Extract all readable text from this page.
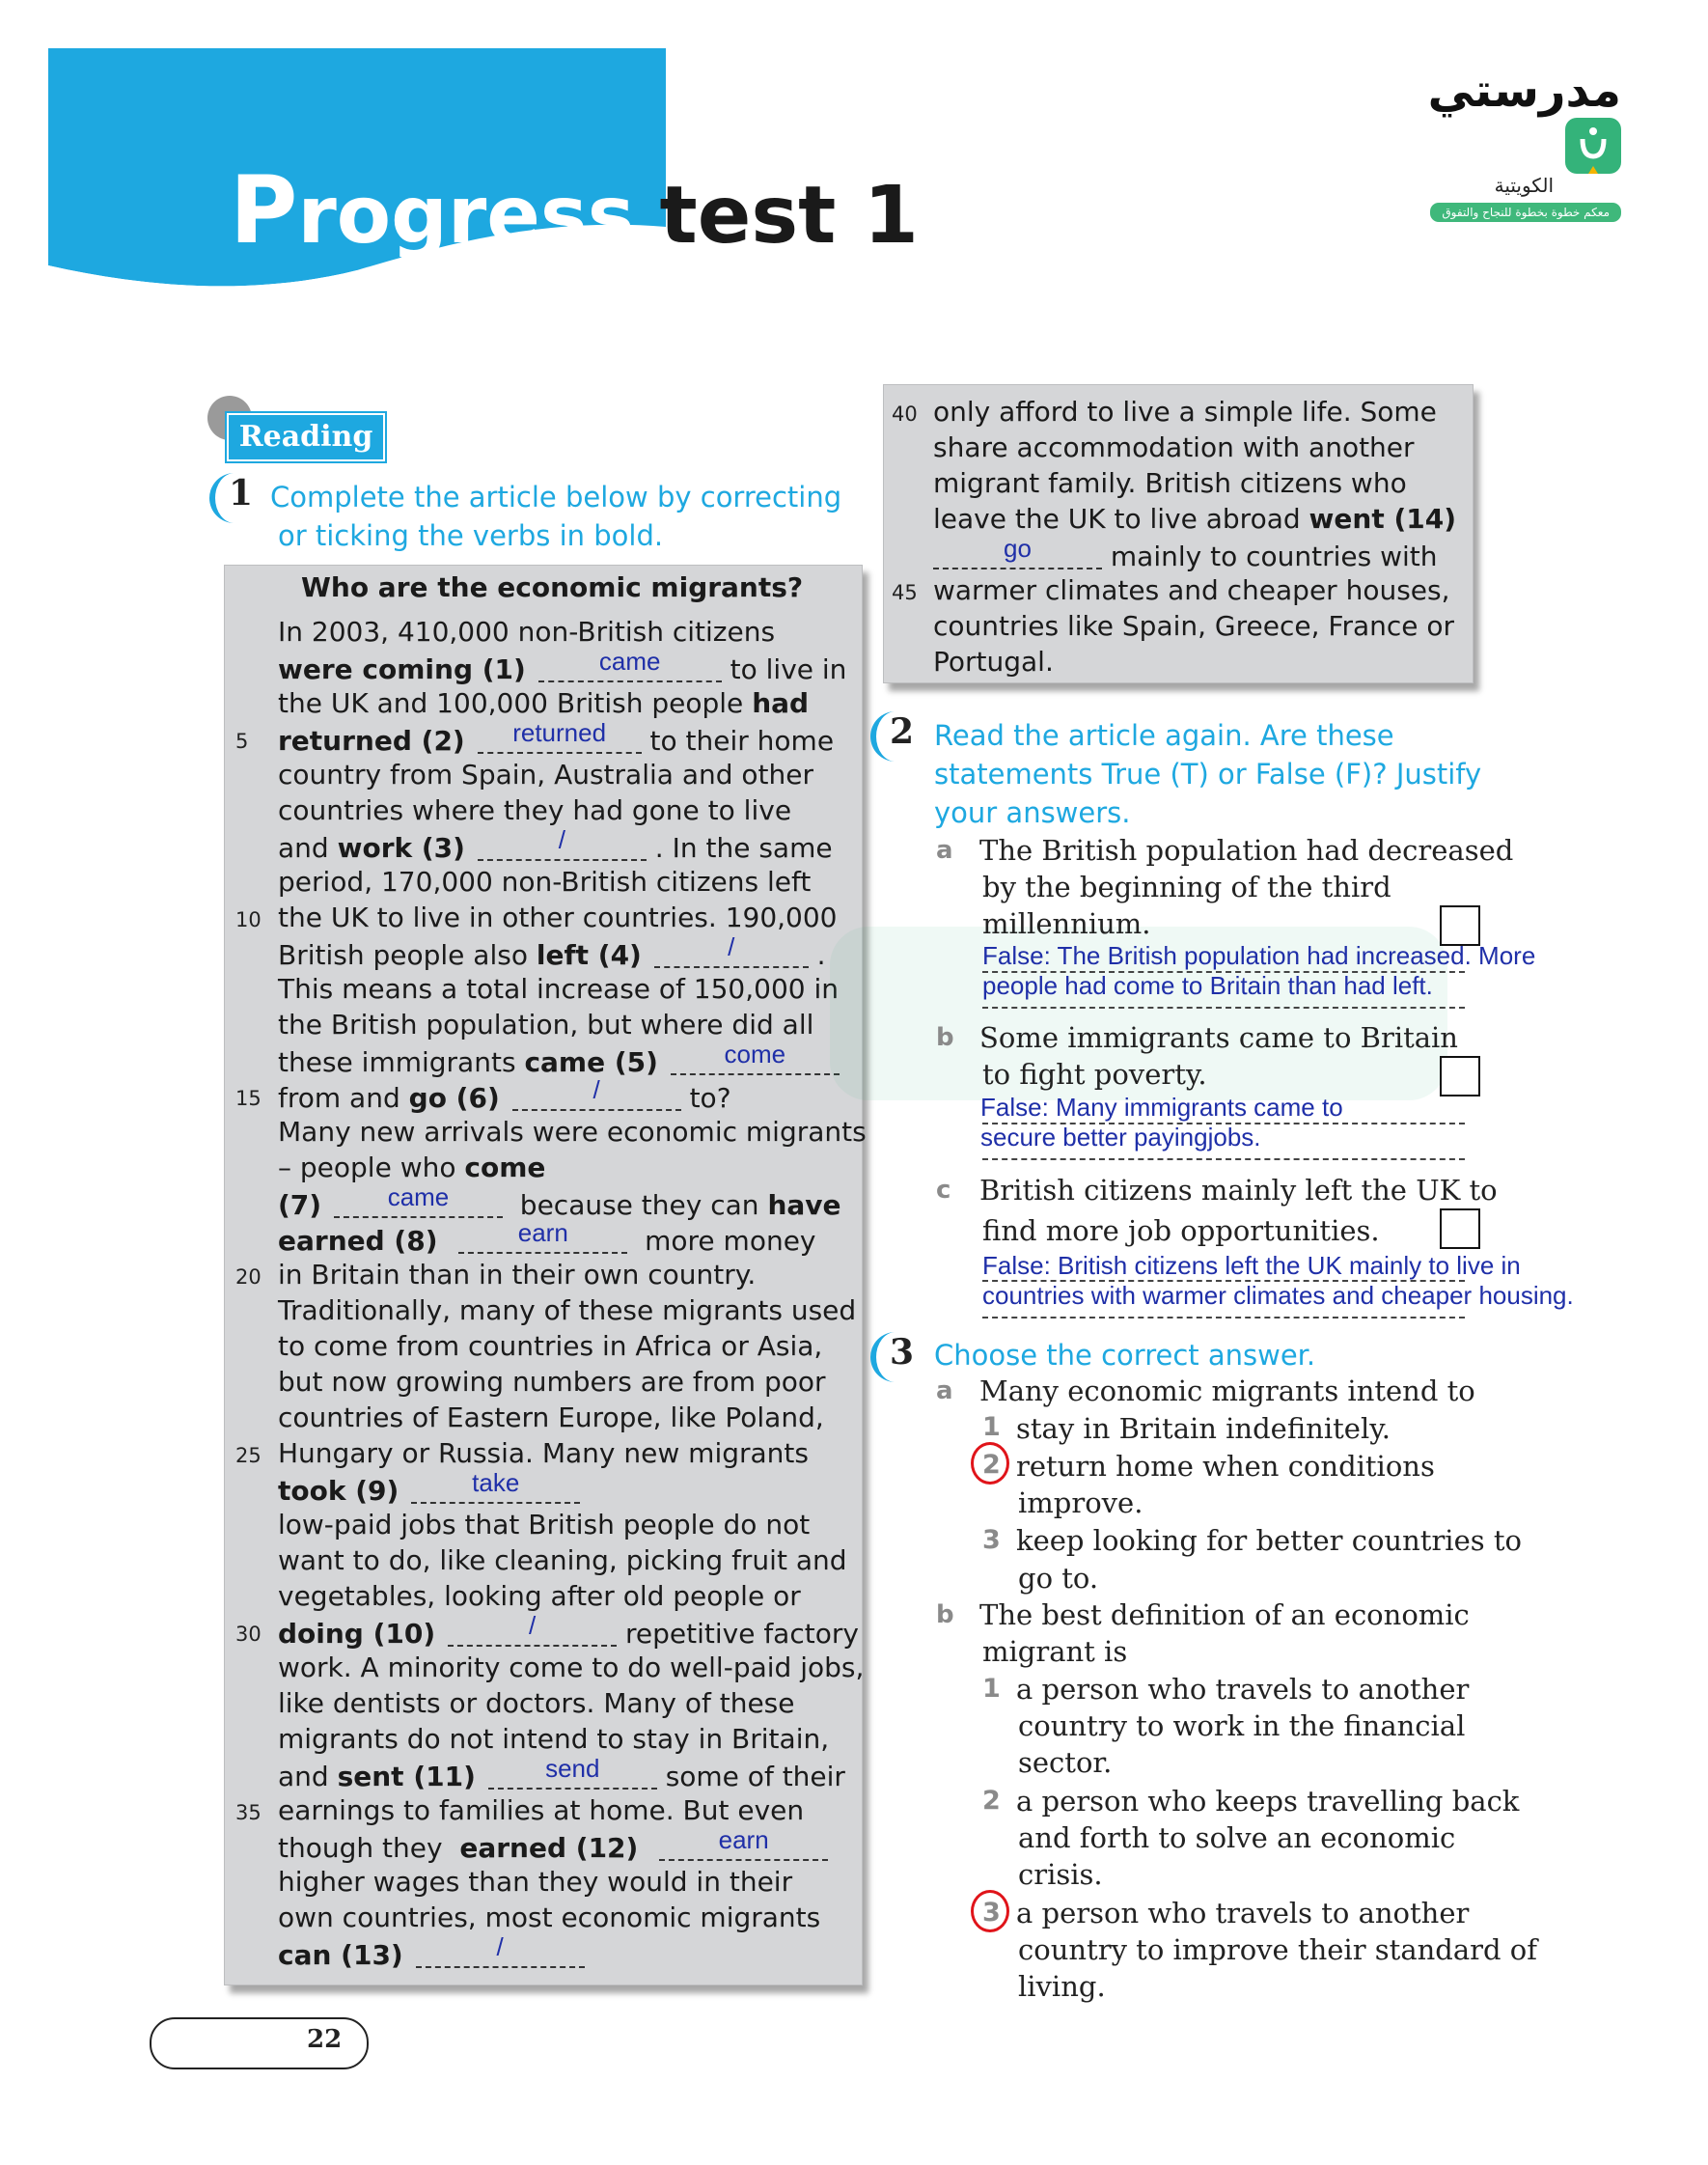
Progress test 1
مدرستي
الكويتية
معكم خطوة بخطوة للنجاح والتفوق
Reading
1 Complete the article below by correcting
or ticking the verbs in bold.
Who are the economic migrants?
In 2003, 410,000 non-British citizens
were coming (1)	came	to live in
the UK and 100,000 British people had
returned (2)	returned	to their home
country from Spain, Australia and other
countries where they had gone to live
and work (3)	/	. In the same
period, 170,000 non-British citizens left
the UK to live in other countries. 190,000
British people also left (4)	/	.
This means a total increase of 150,000 in
the British population, but where did all
these immigrants came (5)	come
from and go (6)	/	to?
Many new arrivals were economic migrants
– people who come
(7)	came	because they can have
earned (8)	earn	more money
in Britain than in their own country.
Traditionally, many of these migrants used
to come from countries in Africa or Asia,
but now growing numbers are from poor
countries of Eastern Europe, like Poland,
Hungary or Russia. Many new migrants
took (9)	take
low-paid jobs that British people do not
want to do, like cleaning, picking fruit and
vegetables, looking after old people or
doing (10)	/	repetitive factory
work. A minority come to do well-paid jobs,
like dentists or doctors. Many of these
migrants do not intend to stay in Britain,
and sent (11)	send	some of their
earnings to families at home. But even
though they earned (12)	earn
higher wages than they would in their
own countries, most economic migrants
can (13)	/
5
10
15
20
25
30
35
only afford to live a simple life. Some
share accommodation with another
migrant family. British citizens who
leave the UK to live abroad went (14)
go	mainly to countries with
warmer climates and cheaper houses,
countries like Spain, Greece, France or
Portugal.
40
45
2 Read the article again. Are these
statements True (T) or False (F)? Justify
your answers.
a The British population had decreased
by the beginning of the third
millennium.
False: The British population had increased. More
people had come to Britain than had left.
b Some immigrants came to Britain
to fight poverty.
False: Many immigrants came to
secure better payingjobs.
c British citizens mainly left the UK to
find more job opportunities.
False: British citizens left the UK mainly to live in
countries with warmer climates and cheaper housing.
3 Choose the correct answer.
a Many economic migrants intend to
1 stay in Britain indefinitely.
2 return home when conditions
improve.
3 keep looking for better countries to
go to.
b The best definition of an economic
migrant is
1 a person who travels to another
country to work in the financial
sector.
2 a person who keeps travelling back
and forth to solve an economic
crisis.
3 a person who travels to another
country to improve their standard of
living.
22
